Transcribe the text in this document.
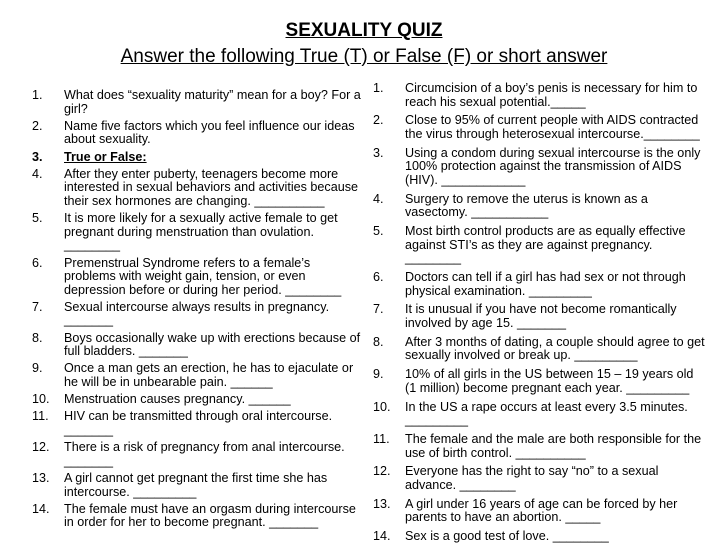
SEXUALITY QUIZ
Answer the following True (T) or False (F) or short answer
1. What does “sexuality maturity” mean for a boy? For a girl?
2. Name five factors which you feel influence our ideas about sexuality.
3. True or False:
4. After they enter puberty, teenagers become more interested in sexual behaviors and activities because their sex hormones are changing. __________
5. It is more likely for a sexually active female to get pregnant during menstruation than ovulation. ________
6. Premenstrual Syndrome refers to a female’s problems with weight gain, tension, or even depression before or during her period. ________
7. Sexual intercourse always results in pregnancy. _______
8. Boys occasionally wake up with erections because of full bladders. _______
9. Once a man gets an erection, he has to ejaculate or he will be in unbearable pain. ______
10. Menstruation causes pregnancy. ______
11. HIV can be transmitted through oral intercourse. _______
12. There is a risk of pregnancy from anal intercourse. _______
13. A girl cannot get pregnant the first time she has intercourse. _________
14. The female must have an orgasm during intercourse in order for her to become pregnant. _______
1. Circumcision of a boy’s penis is necessary for him to reach his sexual potential._____
2. Close to 95% of current people with AIDS contracted the virus through heterosexual intercourse.________
3. Using a condom during sexual intercourse is the only 100% protection against the transmission of AIDS (HIV). ____________
4. Surgery to remove the uterus is known as a vasectomy. ___________
5. Most birth control products are as equally effective against STI’s as they are against pregnancy. ________
6. Doctors can tell if a girl has had sex or not through physical examination. _________
7. It is unusual if you have not become romantically involved by age 15. _______
8. After 3 months of dating, a couple should agree to get sexually involved or break up. _________
9. 10% of all girls in the US between 15 – 19 years old (1 million) become pregnant each year. _________
10. In the US a rape occurs at least every 3.5 minutes. _________
11. The female and the male are both responsible for the use of birth control. __________
12. Everyone has the right to say “no” to a sexual advance. ________
13. A girl under 16 years of age can be forced by her parents to have an abortion. _____
14. Sex is a good test of love. ________
